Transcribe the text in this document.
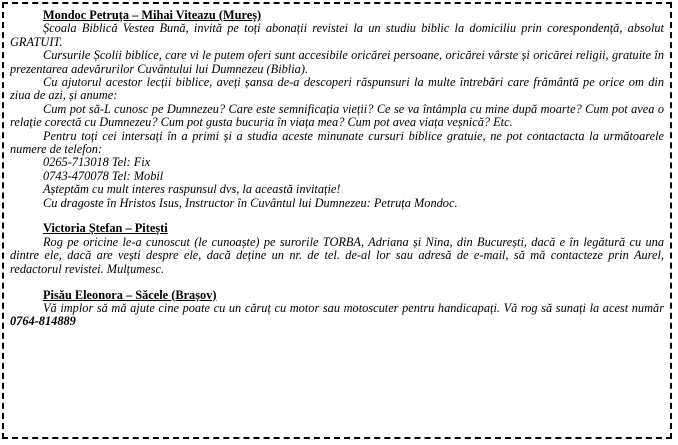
Mondoc Petruța – Mihai Viteazu (Mureș)

Școala Biblică Vestea Bună, invită pe toți abonații revistei la un studiu biblic la domiciliu prin corespondență, absolut GRATUIT.

Cursurile Școlii biblice, care vi le putem oferi sunt accesibile oricărei persoane, oricărei vârste și oricărei religii, gratuite în prezentarea adevărurilor Cuvântului lui Dumnezeu (Biblia).

Cu ajutorul acestor lecții biblice, aveți șansa de-a descoperi răspunsuri la multe întrebări care frământă pe orice om din ziua de azi, și anume:

Cum pot să-L cunosc pe Dumnezeu? Care este semnificația vieții? Ce se va întâmpla cu mine după moarte? Cum pot avea o relație corectă cu Dumnezeu? Cum pot gusta bucuria în viața mea? Cum pot avea viața veșnică? Etc.

Pentru toți cei intersați în a primi și a studia aceste minunate cursuri biblice gratuie, ne pot contactacta la următoarele numere de telefon:

0265-713018 Tel: Fix

0743-470078 Tel: Mobil

Așteptăm cu mult interes raspunsul dvs, la această invitație!

Cu dragoste în Hristos Isus, Instructor în Cuvântul lui Dumnezeu: Petruța Mondoc.

Victoria Ștefan – Pitești

Rog pe oricine le-a cunoscut (le cunoaște) pe surorile TORBA, Adriana și Nina, din București, dacă e în legătură cu una dintre ele, dacă are vești despre ele, dacă deține un nr. de tel. de-al lor sau adresă de e-mail, să mă contacteze prin Aurel, redactorul revistei. Mulțumesc.

Pisău Eleonora – Săcele (Brașov)

Vă implor să mă ajute cine poate cu un căruț cu motor sau motoscuter pentru handicapați. Vă rog să sunați la acest număr 0764-814889
